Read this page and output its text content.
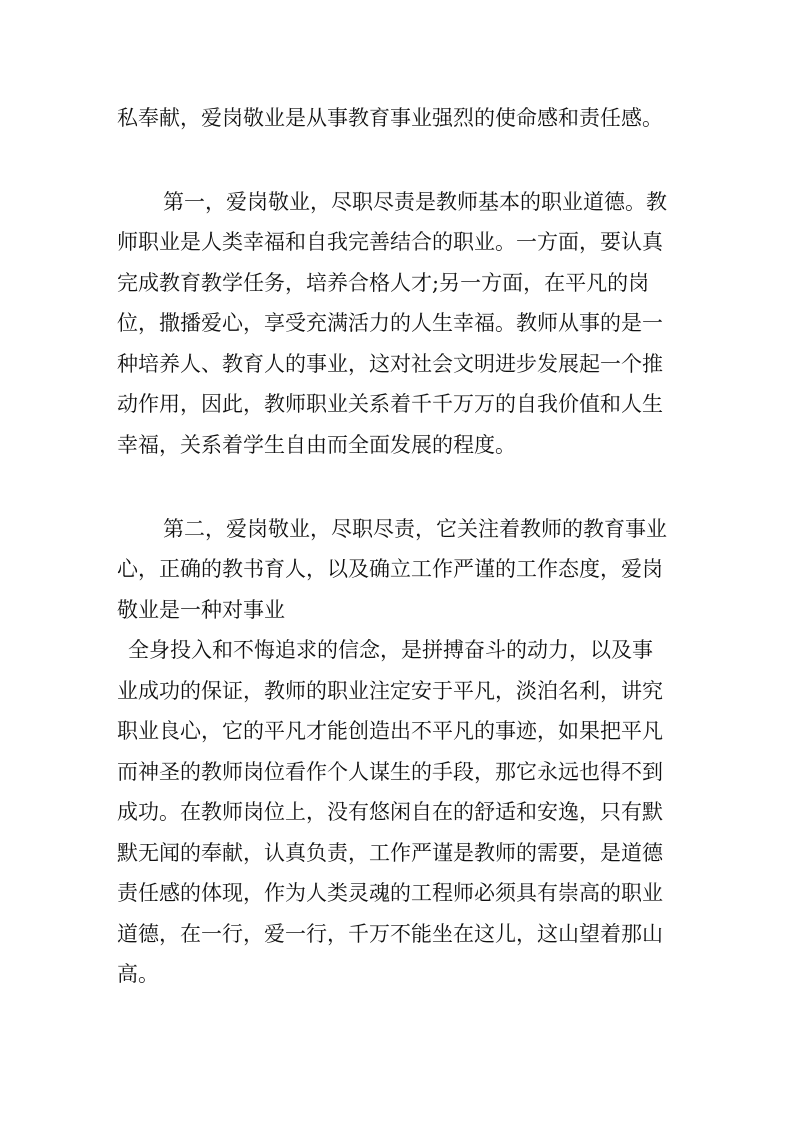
私奉献，爱岗敬业是从事教育事业强烈的使命感和责任感。
第一，爱岗敬业，尽职尽责是教师基本的职业道德。教
师职业是人类幸福和自我完善结合的职业。一方面，要认真
完成教育教学任务，培养合格人才;另一方面，在平凡的岗
位，撒播爱心，享受充满活力的人生幸福。教师从事的是一
种培养人、教育人的事业，这对社会文明进步发展起一个推
动作用，因此，教师职业关系着千千万万的自我价值和人生
幸福，关系着学生自由而全面发展的程度。
第二，爱岗敬业，尽职尽责，它关注着教师的教育事业
心，正确的教书育人，以及确立工作严谨的工作态度，爱岗
敬业是一种对事业
全身投入和不悔追求的信念，是拼搏奋斗的动力，以及事
业成功的保证，教师的职业注定安于平凡，淡泊名利，讲究
职业良心，它的平凡才能创造出不平凡的事迹，如果把平凡
而神圣的教师岗位看作个人谋生的手段，那它永远也得不到
成功。在教师岗位上，没有悠闲自在的舒适和安逸，只有默
默无闻的奉献，认真负责，工作严谨是教师的需要，是道德
责任感的体现，作为人类灵魂的工程师必须具有崇高的职业
道德，在一行，爱一行，千万不能坐在这儿，这山望着那山
高。
